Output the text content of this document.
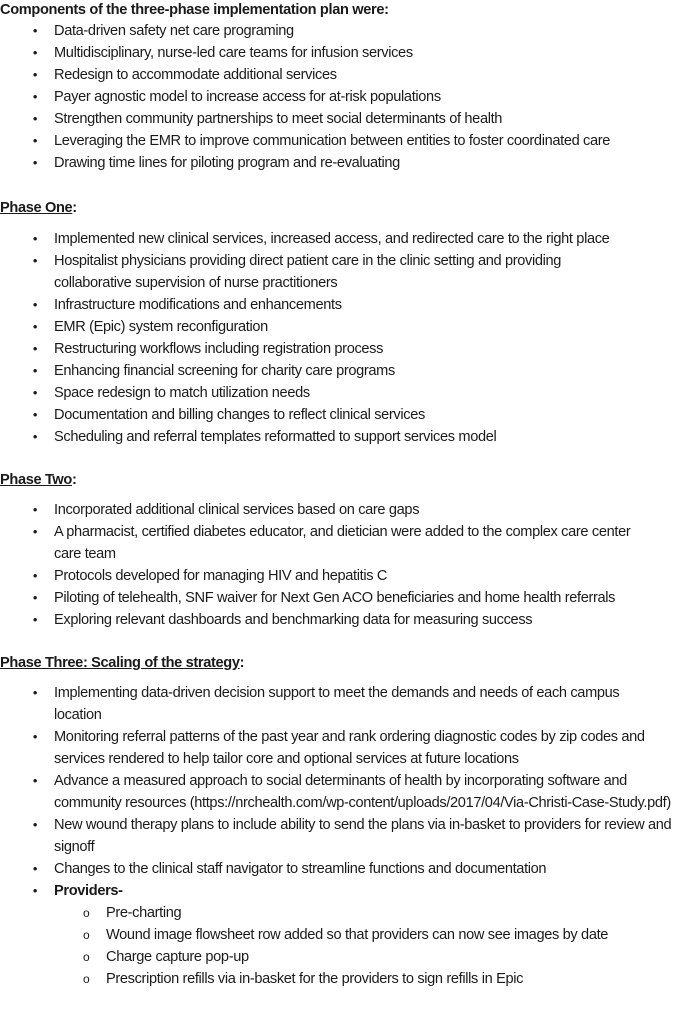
Components of the three-phase implementation plan were:
• Data-driven safety net care programing
• Multidisciplinary, nurse-led care teams for infusion services
• Redesign to accommodate additional services
• Payer agnostic model to increase access for at-risk populations
• Strengthen community partnerships to meet social determinants of health
• Leveraging the EMR to improve communication between entities to foster coordinated care
• Drawing time lines for piloting program and re-evaluating
Phase One:
• Implemented new clinical services, increased access, and redirected care to the right place
• Hospitalist physicians providing direct patient care in the clinic setting and providing collaborative supervision of nurse practitioners
• Infrastructure modifications and enhancements
• EMR (Epic) system reconfiguration
• Restructuring workflows including registration process
• Enhancing financial screening for charity care programs
• Space redesign to match utilization needs
• Documentation and billing changes to reflect clinical services
• Scheduling and referral templates reformatted to support services model
Phase Two:
• Incorporated additional clinical services based on care gaps
• A pharmacist, certified diabetes educator, and dietician were added to the complex care center
care team
• Protocols developed for managing HIV and hepatitis C
• Piloting of telehealth, SNF waiver for Next Gen ACO beneficiaries and home health referrals
• Exploring relevant dashboards and benchmarking data for measuring success
Phase Three: Scaling of the strategy:
• Implementing data-driven decision support to meet the demands and needs of each campus location
• Monitoring referral patterns of the past year and rank ordering diagnostic codes by zip codes and services rendered to help tailor core and optional services at future locations
• Advance a measured approach to social determinants of health by incorporating software and community resources (https://nrchealth.com/wp-content/uploads/2017/04/Via-Christi-Case-Study.pdf)
• New wound therapy plans to include ability to send the plans via in-basket to providers for review and signoff
• Changes to the clinical staff navigator to streamline functions and documentation
• Providers-
o Pre-charting
o Wound image flowsheet row added so that providers can now see images by date
o Charge capture pop-up
o Prescription refills via in-basket for the providers to sign refills in Epic
